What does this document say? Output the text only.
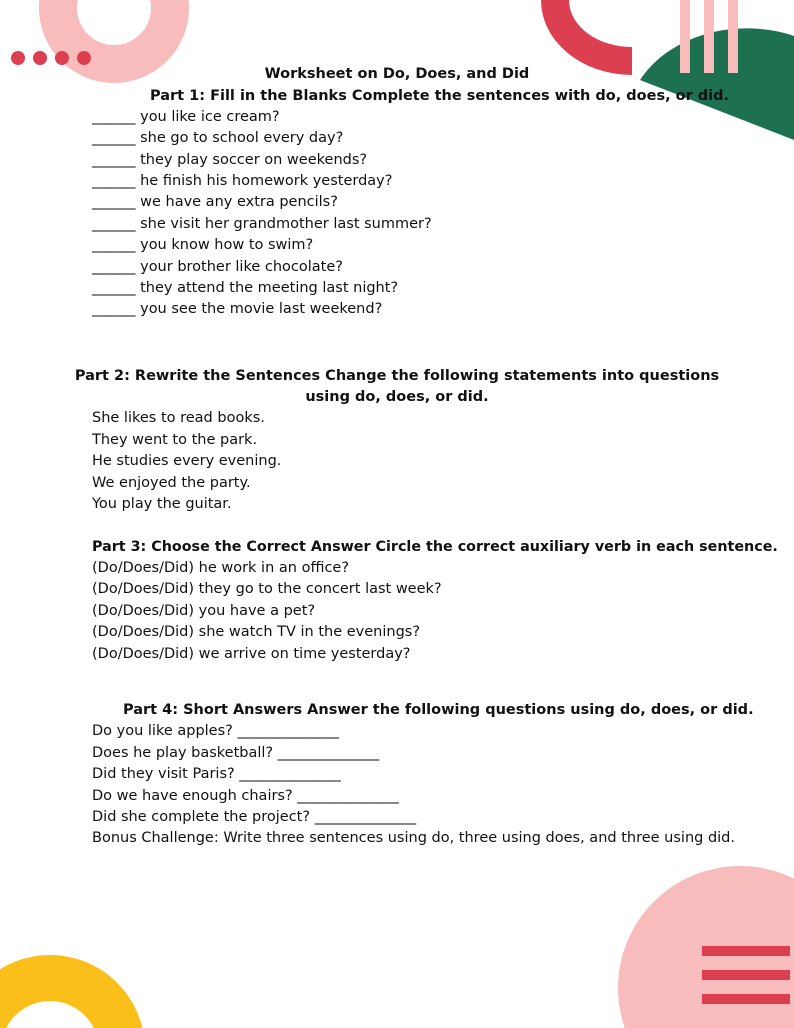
Worksheet on Do, Does, and Did
Part 1: Fill in the Blanks Complete the sentences with do, does, or did.
______ you like ice cream?
______ she go to school every day?
______ they play soccer on weekends?
______ he finish his homework yesterday?
______ we have any extra pencils?
______ she visit her grandmother last summer?
______ you know how to swim?
______ your brother like chocolate?
______ they attend the meeting last night?
______ you see the movie last weekend?
Part 2: Rewrite the Sentences Change the following statements into questions
using do, does, or did.
She likes to read books.
They went to the park.
He studies every evening.
We enjoyed the party.
You play the guitar.
Part 3: Choose the Correct Answer Circle the correct auxiliary verb in each sentence.
(Do/Does/Did) he work in an office?
(Do/Does/Did) they go to the concert last week?
(Do/Does/Did) you have a pet?
(Do/Does/Did) she watch TV in the evenings?
(Do/Does/Did) we arrive on time yesterday?
Part 4: Short Answers Answer the following questions using do, does, or did.
Do you like apples? ______________
Does he play basketball? ______________
Did they visit Paris? ______________
Do we have enough chairs? ______________
Did she complete the project? ______________
Bonus Challenge: Write three sentences using do, three using does, and three using did.
